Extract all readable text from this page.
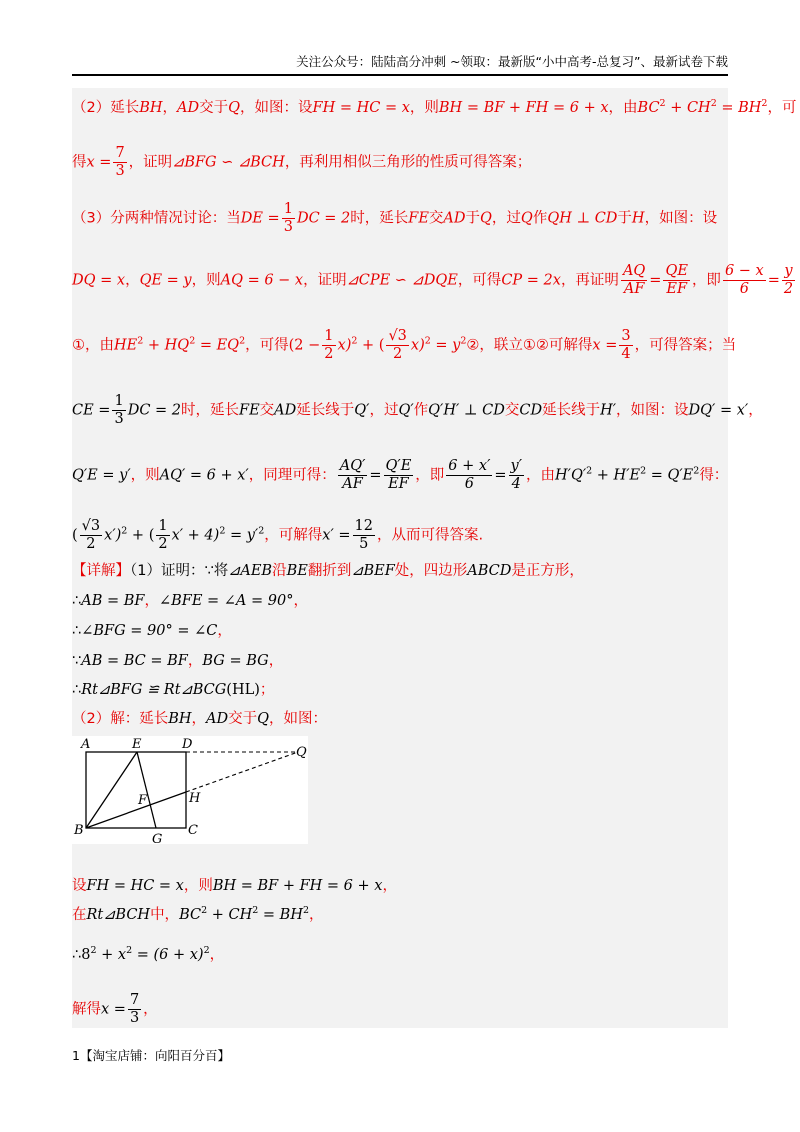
关注公众号：陆陆高分冲刺 ~领取：最新版“小中高考-总复习”、最新试卷下载
（2）延长BH，AD交于Q，如图：设FH = HC = x，则BH = BF + FH = 6 + x，由$BC^2 + CH^2 = BH^2$，可
得$x = \frac{7}{3}$ ，证明⊿BFG ∽ ⊿BCH，再利用相似三角形的性质可得答案；
（3）分两种情况讨论：当DE = $\frac{1}{3}$ DC = 2时，延长FE交AD于Q，过Q作QH ⊥ CD于H，如图：设
DQ = x，QE = y，则AQ = 6 − x，证明⊿CPE ∽ ⊿DQE，可得CP = 2x，再证明 $\frac{AQ}{AF} = \frac{QE}{EF}$ ，即 $\frac{6 - x}{6} = \frac{y}{2}$
①，由$HE^2 + HQ^2 = EQ^2$，可得$(2 - \frac{1}{2} x)^2$ + ( $\frac{√3}{2} x)^2$ = $y^2②$，联立①②可解得$x = \frac{3}{4}$ ，可得答案；当
CE = $\frac{1}{3}$ DC = 2时，延长FE交AD延长线于Q′，过Q′作Q′H′ ⊥ CD交CD延长线于H′，如图：设DQ′ = x′，
Q′E = y′，则AQ′ = 6 + x′，同理可得： $\frac{AQ'}{AF} = \frac{Q'E}{EF}$ ，即 $\frac{6 + x'}{6} = \frac{y'}{4}$ ，由$H'Q'^2 + H'E^2 = Q'E^2$得：
( $\frac{√3}{2} x')^2$ + ( $\frac{1}{2} x' + 4)^2 = y'^2$，可解得$x' = \frac{12}{5}$ ，从而可得答案.
【详解】（1）证明：∵将⊿AEB沿BE翻折到⊿BEF处，四边形ABCD是正方形，
∴AB = BF，∠BFE = ∠A = 90°，
∴∠BFG = 90° = ∠C，
∵AB = BC = BF，BG = BG，
∴Rt⊿BFG ≌ Rt⊿BCG(HL)；
（2）解：延长BH，AD交于Q，如图：
A	E	D
Q
F	H
B
G
C
设FH = HC = x，则BH = BF + FH = 6 + x，
在Rt⊿BCH中，$BC^2 + CH^2 = BH^2$，
$\therefore 8^2 + x^2 = (6 + x)^2$，
解得$x = \frac{7}{3}$ ，
1【淘宝店铺：向阳百分百】
